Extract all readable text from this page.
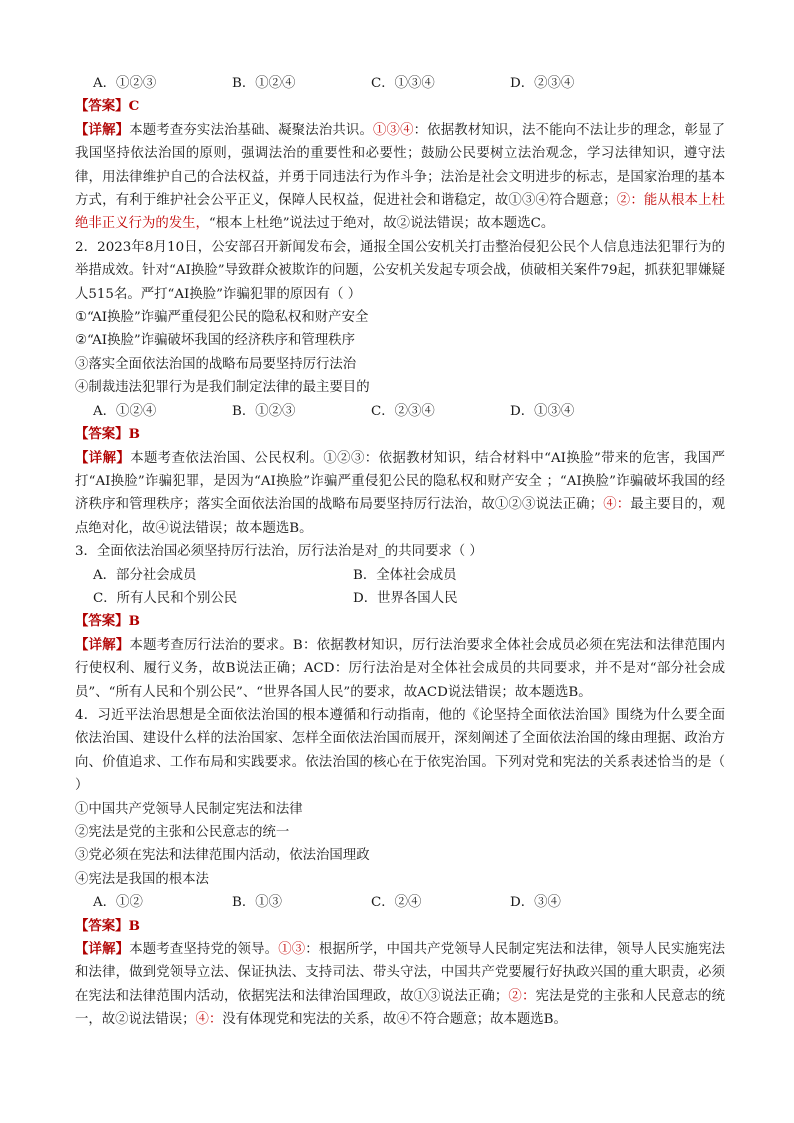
A．①②③	B．①②④	C．①③④	D．②③④
【答案】C
【详解】本题考查夯实法治基础、凝聚法治共识。①③④：依据教材知识，法不能向不法让步的理念，彰显了我国坚持依法治国的原则，强调法治的重要性和必要性；鼓励公民要树立法治观念，学习法律知识，遵守法律，用法律维护自己的合法权益，并勇于同违法行为作斗争；法治是社会文明进步的标志，是国家治理的基本方式，有利于维护社会公平正义，保障人民权益，促进社会和谐稳定，故①③④符合题意；②：能从根本上杜绝非正义行为的发生，“根本上杜绝”说法过于绝对，故②说法错误；故本题选C。
2．2023年8月10日，公安部召开新闻发布会，通报全国公安机关打击整治侵犯公民个人信息违法犯罪行为的举措成效。针对“AI换脸”导致群众被欺诈的问题，公安机关发起专项会战，侦破相关案件79起，抓获犯罪嫌疑人515名。严打“AI换脸”诈骗犯罪的原因有（ ）
①“AI换脸”诈骗严重侵犯公民的隐私权和财产安全
②“AI换脸”诈骗破坏我国的经济秩序和管理秩序
③落实全面依法治国的战略布局要坚持厉行法治
④制裁违法犯罪行为是我们制定法律的最主要目的
A．①②④	B．①②③	C．②③④	D．①③④
【答案】B
【详解】本题考查依法治国、公民权利。①②③：依据教材知识，结合材料中“AI换脸”带来的危害，我国严打“AI换脸”诈骗犯罪，是因为“AI换脸”诈骗严重侵犯公民的隐私权和财产安全 ；“AI换脸”诈骗破坏我国的经济秩序和管理秩序；落实全面依法治国的战略布局要坚持厉行法治，故①②③说法正确；④：最主要目的，观点绝对化，故④说法错误；故本题选B。
3．全面依法治国必须坚持厉行法治，厉行法治是对_的共同要求（ ）
A．部分社会成员	B．全体社会成员
C．所有人民和个别公民	D．世界各国人民
【答案】B
【详解】本题考查厉行法治的要求。B：依据教材知识，厉行法治要求全体社会成员必须在宪法和法律范围内行使权利、履行义务，故B说法正确；ACD：厉行法治是对全体社会成员的共同要求，并不是对“部分社会成员”、“所有人民和个别公民”、“世界各国人民”的要求，故ACD说法错误；故本题选B。
4．习近平法治思想是全面依法治国的根本遵循和行动指南，他的《论坚持全面依法治国》围绕为什么要全面依法治国、建设什么样的法治国家、怎样全面依法治国而展开，深刻阐述了全面依法治国的缘由理据、政治方向、价值追求、工作布局和实践要求。依法治国的核心在于依宪治国。下列对党和宪法的关系表述恰当的是（ ）
①中国共产党领导人民制定宪法和法律
②宪法是党的主张和公民意志的统一
③党必须在宪法和法律范围内活动，依法治国理政
④宪法是我国的根本法
A．①②	B．①③	C．②④	D．③④
【答案】B
【详解】本题考查坚持党的领导。①③：根据所学，中国共产党领导人民制定宪法和法律，领导人民实施宪法和法律，做到党领导立法、保证执法、支持司法、带头守法，中国共产党要履行好执政兴国的重大职责，必须在宪法和法律范围内活动，依据宪法和法律治国理政，故①③说法正确；②：宪法是党的主张和人民意志的统一，故②说法错误；④：没有体现党和宪法的关系，故④不符合题意；故本题选B。
